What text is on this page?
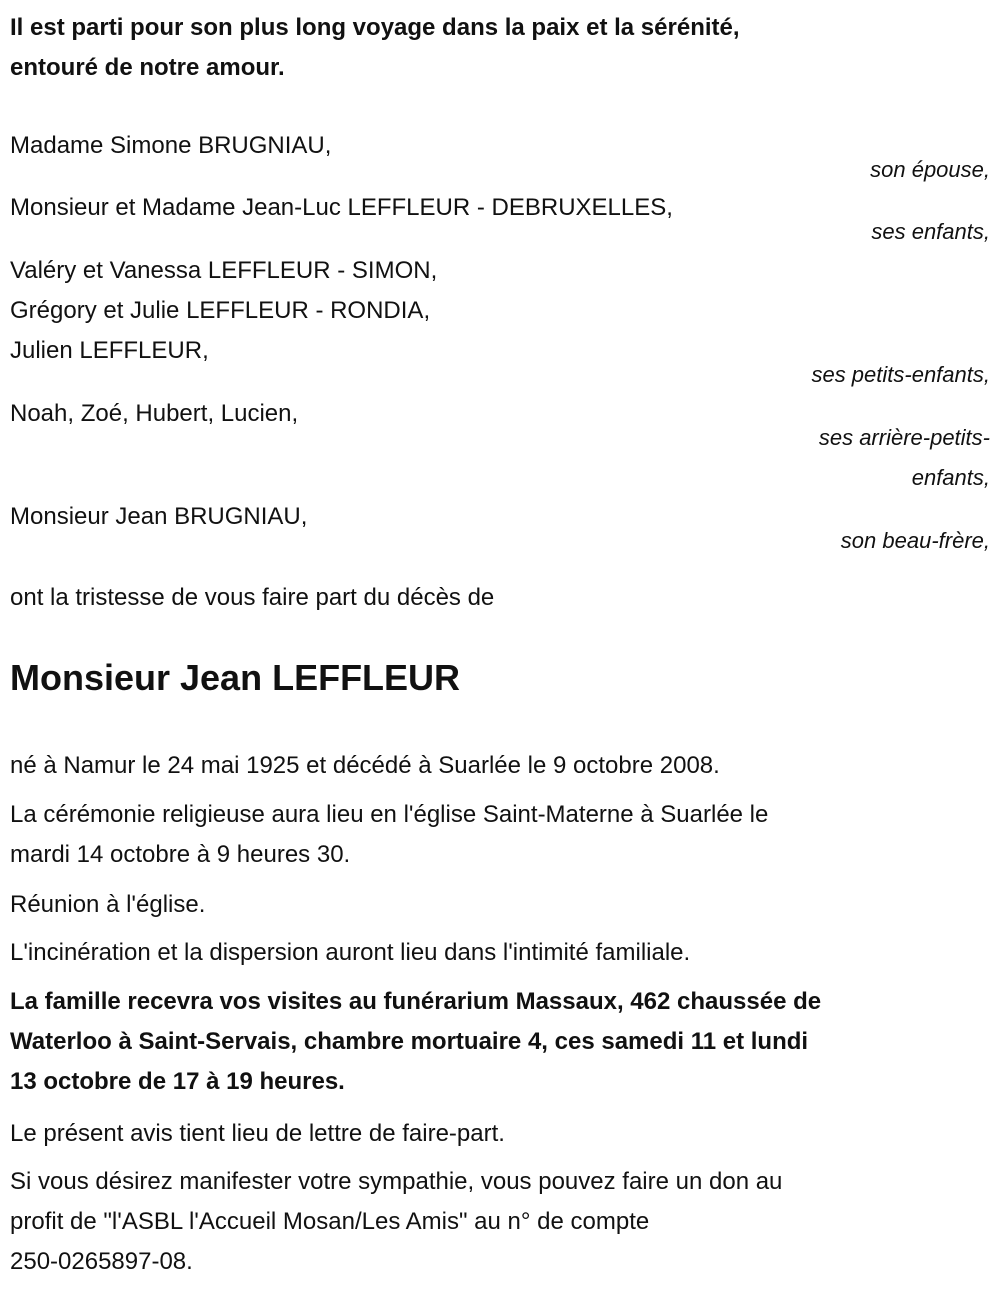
Il est parti pour son plus long voyage dans la paix et la sérénité,
entouré de notre amour.
Madame Simone BRUGNIAU,
son épouse,
Monsieur et Madame Jean-Luc LEFFLEUR - DEBRUXELLES,
ses enfants,
Valéry et Vanessa LEFFLEUR - SIMON,
Grégory et Julie LEFFLEUR - RONDIA,
Julien LEFFLEUR,
ses petits-enfants,
Noah, Zoé, Hubert, Lucien,
ses arrière-petits-
enfants,
Monsieur Jean BRUGNIAU,
son beau-frère,
ont la tristesse de vous faire part du décès de
Monsieur Jean LEFFLEUR
né à Namur le 24 mai 1925 et décédé à Suarlée le 9 octobre 2008.
La cérémonie religieuse aura lieu en l'église Saint-Materne à Suarlée le
mardi 14 octobre à 9 heures 30.
Réunion à l'église.
L'incinération et la dispersion auront lieu dans l'intimité familiale.
La famille recevra vos visites au funérarium Massaux, 462 chaussée de
Waterloo à Saint-Servais, chambre mortuaire 4, ces samedi 11 et lundi
13 octobre de 17 à 19 heures.
Le présent avis tient lieu de lettre de faire-part.
Si vous désirez manifester votre sympathie, vous pouvez faire un don au
profit de "l'ASBL l'Accueil Mosan/Les Amis" au n° de compte
250-0265897-08.
